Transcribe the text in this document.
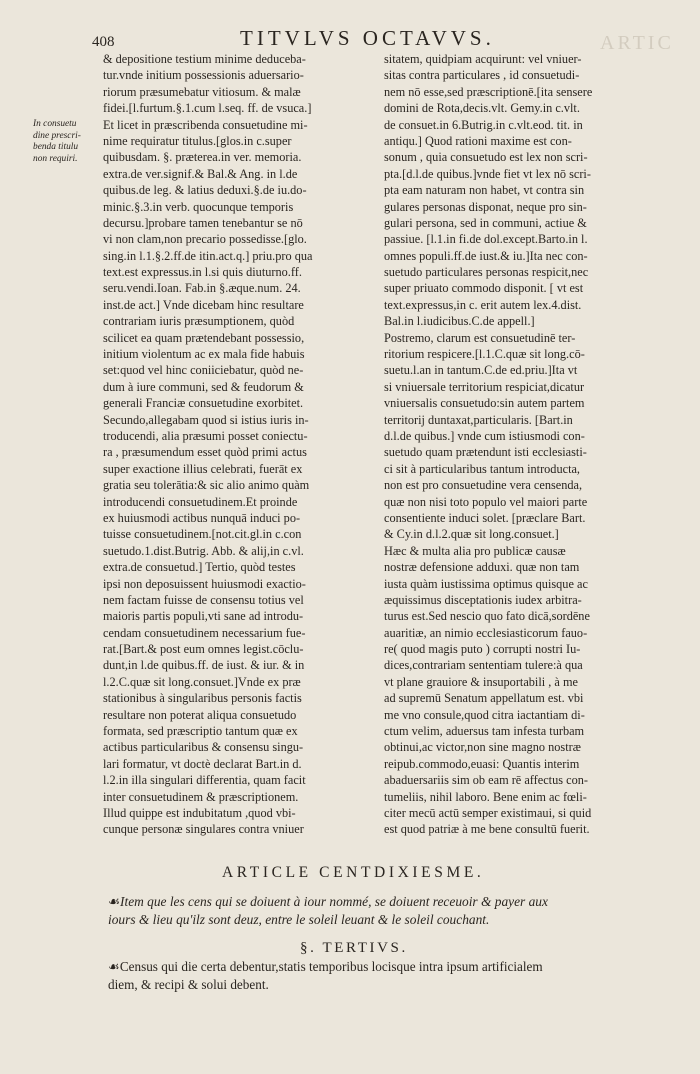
408	TITVLVS OCTAVVS.	ARTIC
In consuetu
dine prescri-
benda titulu
non requiri.
& depositione testium minime deduceba-
tur.vnde initium possessionis aduersario-
riorum præsumebatur vitiosum. & malæ
fidei.[l.furtum.§.1.cum l.seq. ff. de vsuca.]
Et licet in præscribenda consuetudine mi-
nime requiratur titulus.[glos.in c.super
quibusdam. §. præterea.in ver. memoria.
extra.de ver.signif.& Bal.& Ang. in l.de
quibus.de leg. & latius deduxi.§.de iu.do-
minic.§.3.in verb. quocunque temporis
decursu.]probare tamen tenebantur se nō
vi non clam,non precario possedisse.[glo.
sing.in l.1.§.2.ff.de itin.act.q.] priu.pro qua
text.est expressus.in l.si quis diuturno.ff.
seru.vendi.Ioan. Fab.in §.æque.num. 24.
inst.de act.] Vnde dicebam hinc resultare
contrariam iuris præsumptionem, quòd
scilicet ea quam prætendebant possessio,
initium violentum ac ex mala fide habuis
set:quod vel hinc coniiciebatur, quòd ne-
dum à iure communi, sed & feudorum &
generali Franciæ consuetudine exorbitet.
Secundo,allegabam quod si istius iuris in-
troducendi, alia præsumi posset coniectu-
ra , præsumendum esset quòd primi actus
super exactione illius celebrati, fuerāt ex
gratia seu tolerātia:& sic alio animo quàm
introducendi consuetudinem.Et proinde
ex huiusmodi actibus nunquā induci po-
tuisse consuetudinem.[not.cit.gl.in c.con
suetudo.1.dist.Butrig. Abb. & alij,in c.vl.
extra.de consuetud.] Tertio, quòd testes
ipsi non deposuissent huiusmodi exactio-
nem factam fuisse de consensu totius vel
maioris partis populi,vti sane ad introdu-
cendam consuetudinem necessarium fue-
rat.[Bart.& post eum omnes legist.cōclu-
dunt,in l.de quibus.ff. de iust. & iur. & in
l.2.C.quæ sit long.consuet.]Vnde ex præ
stationibus à singularibus personis factis
resultare non poterat aliqua consuetudo
formata, sed præscriptio tantum quæ ex
actibus particularibus & consensu singu-
lari formatur, vt doctè declarat Bart.in d.
l.2.in illa singulari differentia, quam facit
inter consuetudinem & præscriptionem.
Illud quippe est indubitatum ,quod vbi-
cunque personæ singulares contra vniuer
sitatem, quidpiam acquirunt: vel vniuer-
sitas contra particulares , id consuetudi-
nem nō esse,sed præscriptionē.[ita sensere
domini de Rota,decis.vlt. Gemy.in c.vlt.
de consuet.in 6.Butrig.in c.vlt.eod. tit. in
antiqu.] Quod rationi maxime est con-
sonum , quia consuetudo est lex non scri-
pta.[d.l.de quibus.]vnde fiet vt lex nō scri-
pta eam naturam non habet, vt contra sin
gulares personas disponat, neque pro sin-
gulari persona, sed in communi, actiue &
passiue. [l.1.in fi.de dol.except.Barto.in l.
omnes populi.ff.de iust.& iu.]Ita nec con-
suetudo particulares personas respicit,nec
super priuato commodo disponit. [ vt est
text.expressus,in c. erit autem lex.4.dist.
Bal.in l.iudicibus.C.de appell.]
Postremo, clarum est consuetudinē ter-
ritorium respicere.[l.1.C.quæ sit long.cō-
suetu.l.an in tantum.C.de ed.priu.]Ita vt
si vniuersale territorium respiciat,dicatur
vniuersalis consuetudo:sin autem partem
territorij duntaxat,particularis. [Bart.in
d.l.de quibus.] vnde cum istiusmodi con-
suetudo quam prætendunt isti ecclesiasti-
ci sit à particularibus tantum introducta,
non est pro consuetudine vera censenda,
quæ non nisi toto populo vel maiori parte
consentiente induci solet. [præclare Bart.
& Cy.in d.l.2.quæ sit long.consuet.]
Hæc & multa alia pro publicæ causæ
nostræ defensione adduxi. quæ non tam
iusta quàm iustissima optimus quisque ac
æquissimus disceptationis iudex arbitra-
turus est.Sed nescio quo fato dicā,sordēne
auaritiæ, an nimio ecclesiasticorum fauo-
re( quod magis puto ) corrupti nostri Iu-
dices,contrariam sententiam tulere:à qua
vt plane grauiore & insuportabili , à me
ad supremū Senatum appellatum est. vbi
me vno consule,quod citra iactantiam di-
ctum velim, aduersus tam infesta turbam
obtinui,ac victor,non sine magno nostræ
reipub.commodo,euasi: Quantis interim
abaduersariis sim ob eam rē affectus con-
tumeliis, nihil laboro. Bene enim ac fœli-
citer mecū actū semper existimaui, si quid
est quod patriæ à me bene consultū fuerit.
ARTICLE CENTDIXIESME.
☙Item que les cens qui se doiuent à iour nommé, se doiuent receuoir & payer aux
iours & lieu qu'ilz sont deuz, entre le soleil leuant & le soleil couchant.
§. TERTIVS.
☙Census qui die certa debentur,statis temporibus locisque intra ipsum artificialem
diem, & recipi & solui debent.
